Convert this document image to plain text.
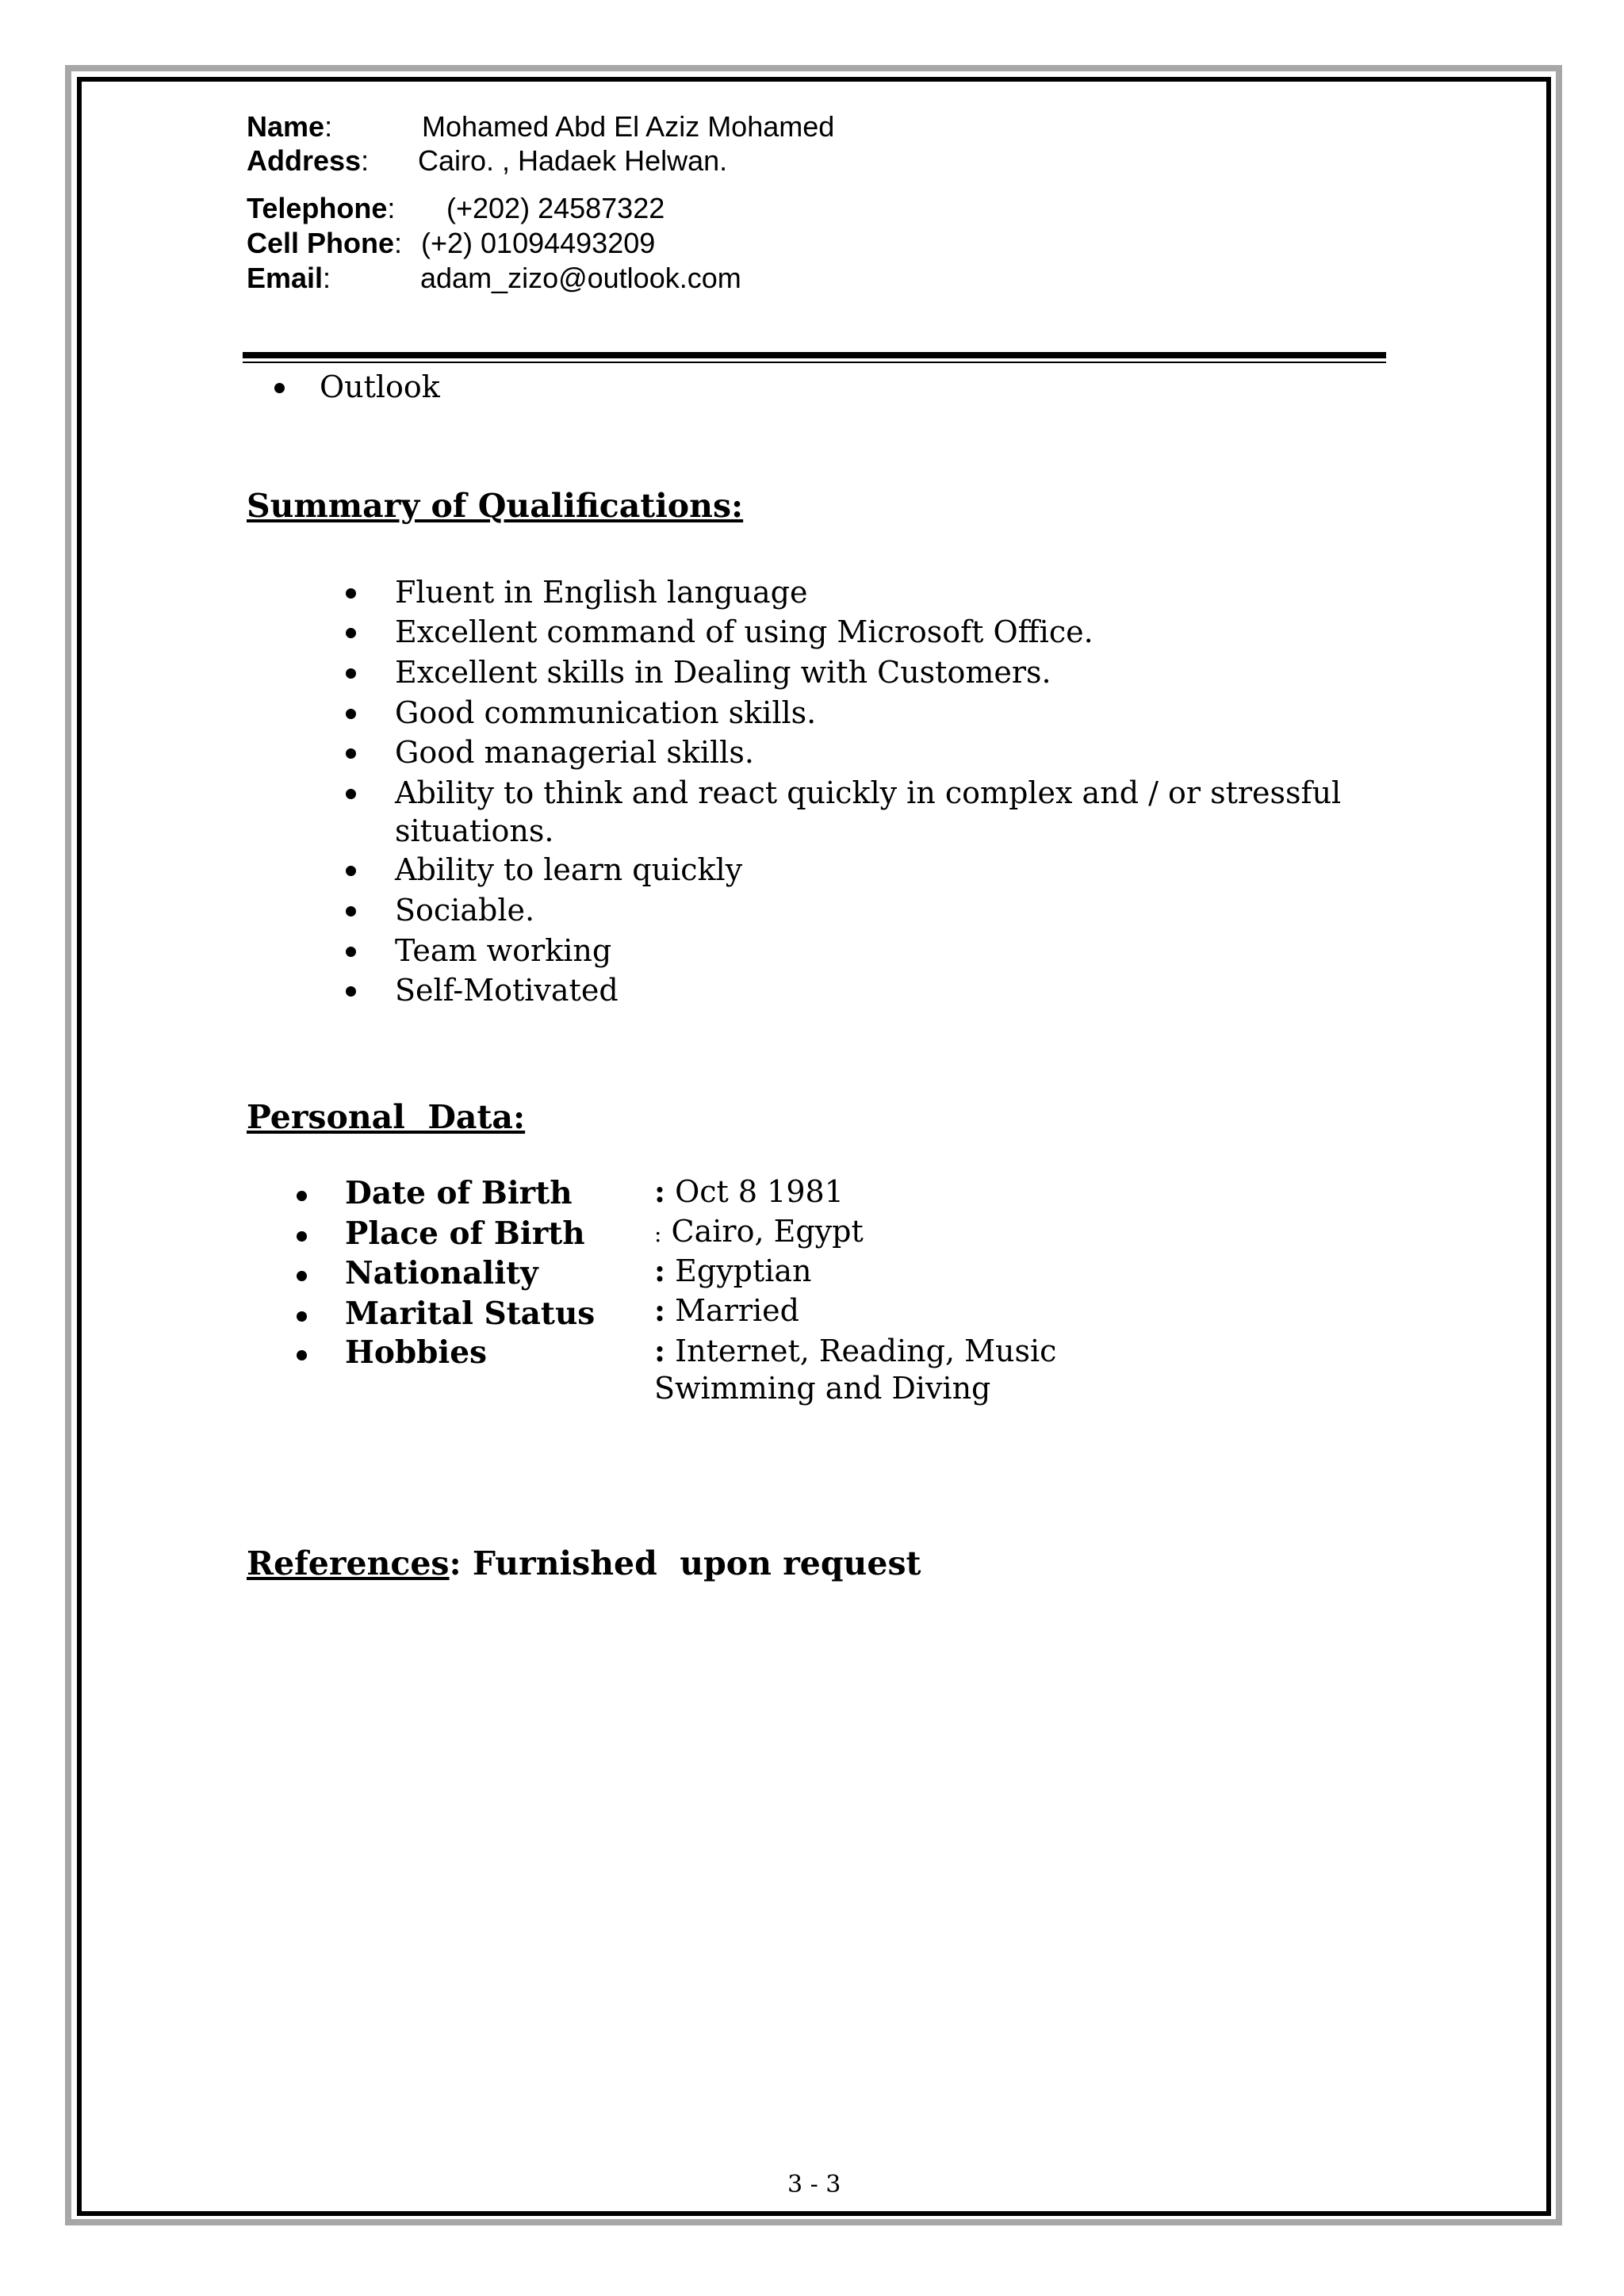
Name:	Mohamed Abd El Aziz Mohamed
Address: Cairo. , Hadaek Helwan.
Telephone: (+202) 24587322
Cell Phone: (+2) 01094493209
Email:	adam_zizo@outlook.com
Outlook
Summary of Qualifications:
Fluent in English language
Excellent command of using Microsoft Office.
Excellent skills in Dealing with Customers.
Good communication skills.
Good managerial skills.
Ability to think and react quickly in complex and / or stressful
situations.
Ability to learn quickly
Sociable.
Team working
Self-Motivated
Personal  Data:
Date of Birth	: Oct 8 1981
Place of Birth	: Cairo, Egypt
Nationality	: Egyptian
Marital Status : Married
Hobbies	: Internet, Reading, Music
Swimming and Diving
References: Furnished  upon request
3 - 3
